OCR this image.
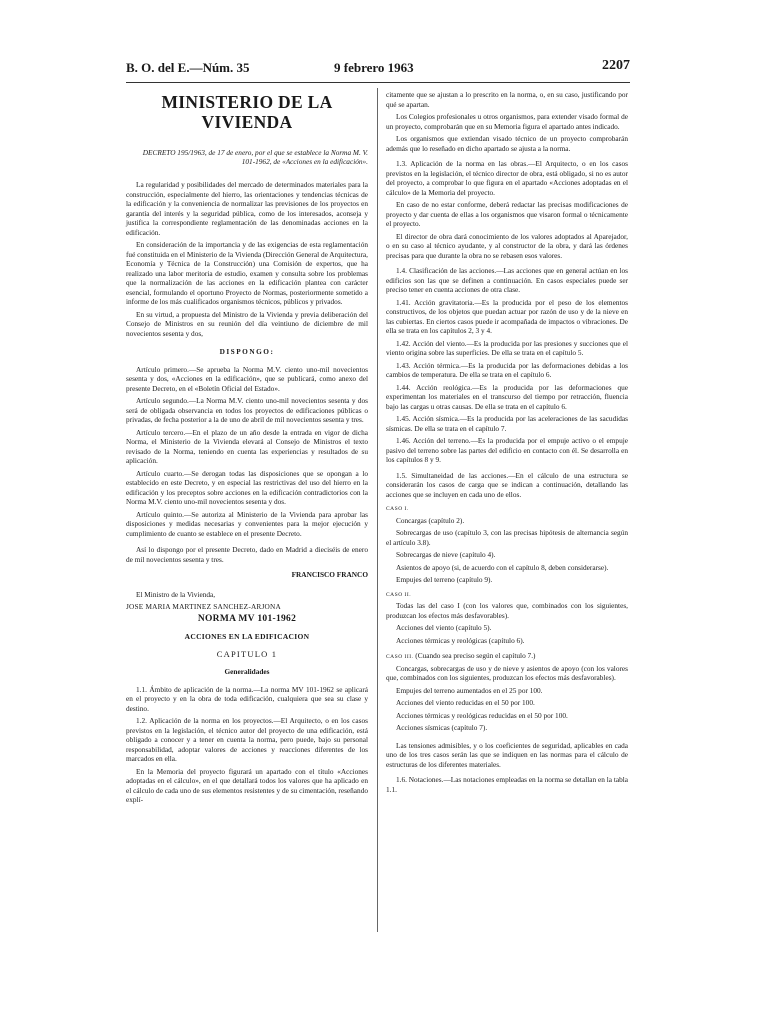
B. O. del E.—Núm. 35	9 febrero 1963	2207
MINISTERIO DE LA VIVIENDA
DECRETO 195/1963, de 17 de enero, por el que se establece la Norma M. V. 101-1962, de «Acciones en la edificación».

La regularidad y posibilidades del mercado de determinados materiales para la construcción, especialmente del hierro, las orientaciones y tendencias técnicas de la edificación y la conveniencia de normalizar las previsiones de los proyectos en garantía del interés y la seguridad pública, como de los interesados, aconseja y justifica la correspondiente reglamentación de las denominadas acciones en la edificación.

En consideración de la importancia y de las exigencias de esta reglamentación fué constituida en el Ministerio de la Vivienda (Dirección General de Arquitectura, Economía y Técnica de la Construcción) una Comisión de expertos, que ha realizado una labor meritoria de estudio, examen y consulta sobre los problemas que la normalización de las acciones en la edificación plantea con carácter esencial, formulando el oportuno Proyecto de Normas, posteriormente sometido a informe de los más cualificados organismos técnicos, públicos y privados.

En su virtud, a propuesta del Ministro de la Vivienda y previa deliberación del Consejo de Ministros en su reunión del día veintiuno de diciembre de mil novecientos sesenta y dos,

DISPONGO:

Artículo primero.—Se aprueba la Norma M.V. ciento uno-mil novecientos sesenta y dos, «Acciones en la edificación», que se publicará, como anexo del presente Decreto, en el «Boletín Oficial del Estado».

Artículo segundo.—La Norma M.V. ciento uno-mil novecientos sesenta y dos será de obligada observancia en todos los proyectos de edificaciones públicas o privadas, de fecha posterior a la de uno de abril de mil novecientos sesenta y tres.

Artículo tercero.—En el plazo de un año desde la entrada en vigor de dicha Norma, el Ministerio de la Vivienda elevará al Consejo de Ministros el texto revisado de la Norma, teniendo en cuenta las experiencias y resultados de su aplicación.

Artículo cuarto.—Se derogan todas las disposiciones que se opongan a lo establecido en este Decreto, y en especial las restrictivas del uso del hierro en la edificación y los preceptos sobre acciones en la edificación contradictorios con la Norma M.V. ciento uno-mil novecientos sesenta y dos.

Artículo quinto.—Se autoriza al Ministerio de la Vivienda para aprobar las disposiciones y medidas necesarias y convenientes para la mejor ejecución y cumplimiento de cuanto se establece en el presente Decreto.

Así lo dispongo por el presente Decreto, dado en Madrid a dieciséis de enero de mil novecientos sesenta y tres.

FRANCISCO FRANCO

El Ministro de la Vivienda,

JOSE MARIA MARTINEZ SANCHEZ-ARJONA

NORMA MV 101-1962
ACCIONES EN LA EDIFICACION
CAPITULO 1
Generalidades

1.1. Ámbito de aplicación de la norma.—La norma MV 101-1962 se aplicará en el proyecto y en la obra de toda edificación, cualquiera que sea su clase y destino.

1.2. Aplicación de la norma en los proyectos.—El Arquitecto, o en los casos previstos en la legislación, el técnico autor del proyecto de una edificación, está obligado a conocer y a tener en cuenta la norma, pero puede, bajo su personal responsabilidad, adoptar valores de acciones y reacciones diferentes de los marcados en ella.

En la Memoria del proyecto figurará un apartado con el título «Acciones adoptadas en el cálculo», en el que detallará todos los valores que ha aplicado en el cálculo de cada uno de sus elementos resistentes y de su cimentación, reseñando explí-

citamente que se ajustan a lo prescrito en la norma, o, en su caso, justificando por qué se apartan.

Los Colegios profesionales u otros organismos, para extender visado formal de un proyecto, comprobarán que en su Memoria figura el apartado antes indicado.

Los organismos que extiendan visado técnico de un proyecto comprobarán además que lo reseñado en dicho apartado se ajusta a la norma.

1.3. Aplicación de la norma en las obras.—El Arquitecto, o en los casos previstos en la legislación, el técnico director de obra, está obligado, si no es autor del proyecto, a comprobar lo que figura en el apartado «Acciones adoptadas en el cálculo» de la Memoria del proyecto.

En caso de no estar conforme, deberá redactar las precisas modificaciones de proyecto y dar cuenta de ellas a los organismos que visaron formal o técnicamente el proyecto.

El director de obra dará conocimiento de los valores adoptados al Aparejador, o en su caso al técnico ayudante, y al constructor de la obra, y dará las órdenes precisas para que durante la obra no se rebasen esos valores.

1.4. Clasificación de las acciones.—Las acciones que en general actúan en los edificios son las que se definen a continuación. En casos especiales puede ser preciso tener en cuenta acciones de otra clase.

1.41. Acción gravitatoria.—Es la producida por el peso de los elementos constructivos, de los objetos que puedan actuar por razón de uso y de la nieve en las cubiertas. En ciertos casos puede ir acompañada de impactos o vibraciones. De ella se trata en los capítulos 2, 3 y 4.

1.42. Acción del viento.—Es la producida por las presiones y succiones que el viento origina sobre las superficies. De ella se trata en el capítulo 5.

1.43. Acción térmica.—Es la producida por las deformaciones debidas a los cambios de temperatura. De ella se trata en el capítulo 6.

1.44. Acción reológica.—Es la producida por las deformaciones que experimentan los materiales en el transcurso del tiempo por retracción, fluencia bajo las cargas u otras causas. De ella se trata en el capítulo 6.

1.45. Acción sísmica.—Es la producida por las aceleraciones de las sacudidas sísmicas. De ella se trata en el capítulo 7.

1.46. Acción del terreno.—Es la producida por el empuje activo o el empuje pasivo del terreno sobre las partes del edificio en contacto con él. Se desarrolla en los capítulos 8 y 9.

1.5. Simultaneidad de las acciones.—En el cálculo de una estructura se considerarán los casos de carga que se indican a continuación, detallando las acciones que se incluyen en cada uno de ellos.

CASO I.

Concargas (capítulo 2).

Sobrecargas de uso (capítulo 3, con las precisas hipótesis de alternancia según el artículo 3.8).

Sobrecargas de nieve (capítulo 4).

Asientos de apoyo (si, de acuerdo con el capítulo 8, deben considerarse).

Empujes del terreno (capítulo 9).

CASO II.

Todas las del caso I (con los valores que, combinados con los siguientes, produzcan los efectos más desfavorables).

Acciones del viento (capítulo 5).

Acciones térmicas y reológicas (capítulo 6).

CASO III. (Cuando sea preciso según el capítulo 7.)

Concargas, sobrecargas de uso y de nieve y asientos de apoyo (con los valores que, combinados con los siguientes, produzcan los efectos más desfavorables).

Empujes del terreno aumentados en el 25 por 100.

Acciones del viento reducidas en el 50 por 100.

Acciones térmicas y reológicas reducidas en el 50 por 100.

Acciones sísmicas (capítulo 7).

Las tensiones admisibles, y o los coeficientes de seguridad, aplicables en cada uno de los tres casos serán las que se indiquen en las normas para el cálculo de estructuras de los diferentes materiales.

1.6. Notaciones.—Las notaciones empleadas en la norma se detallan en la tabla 1.1.
